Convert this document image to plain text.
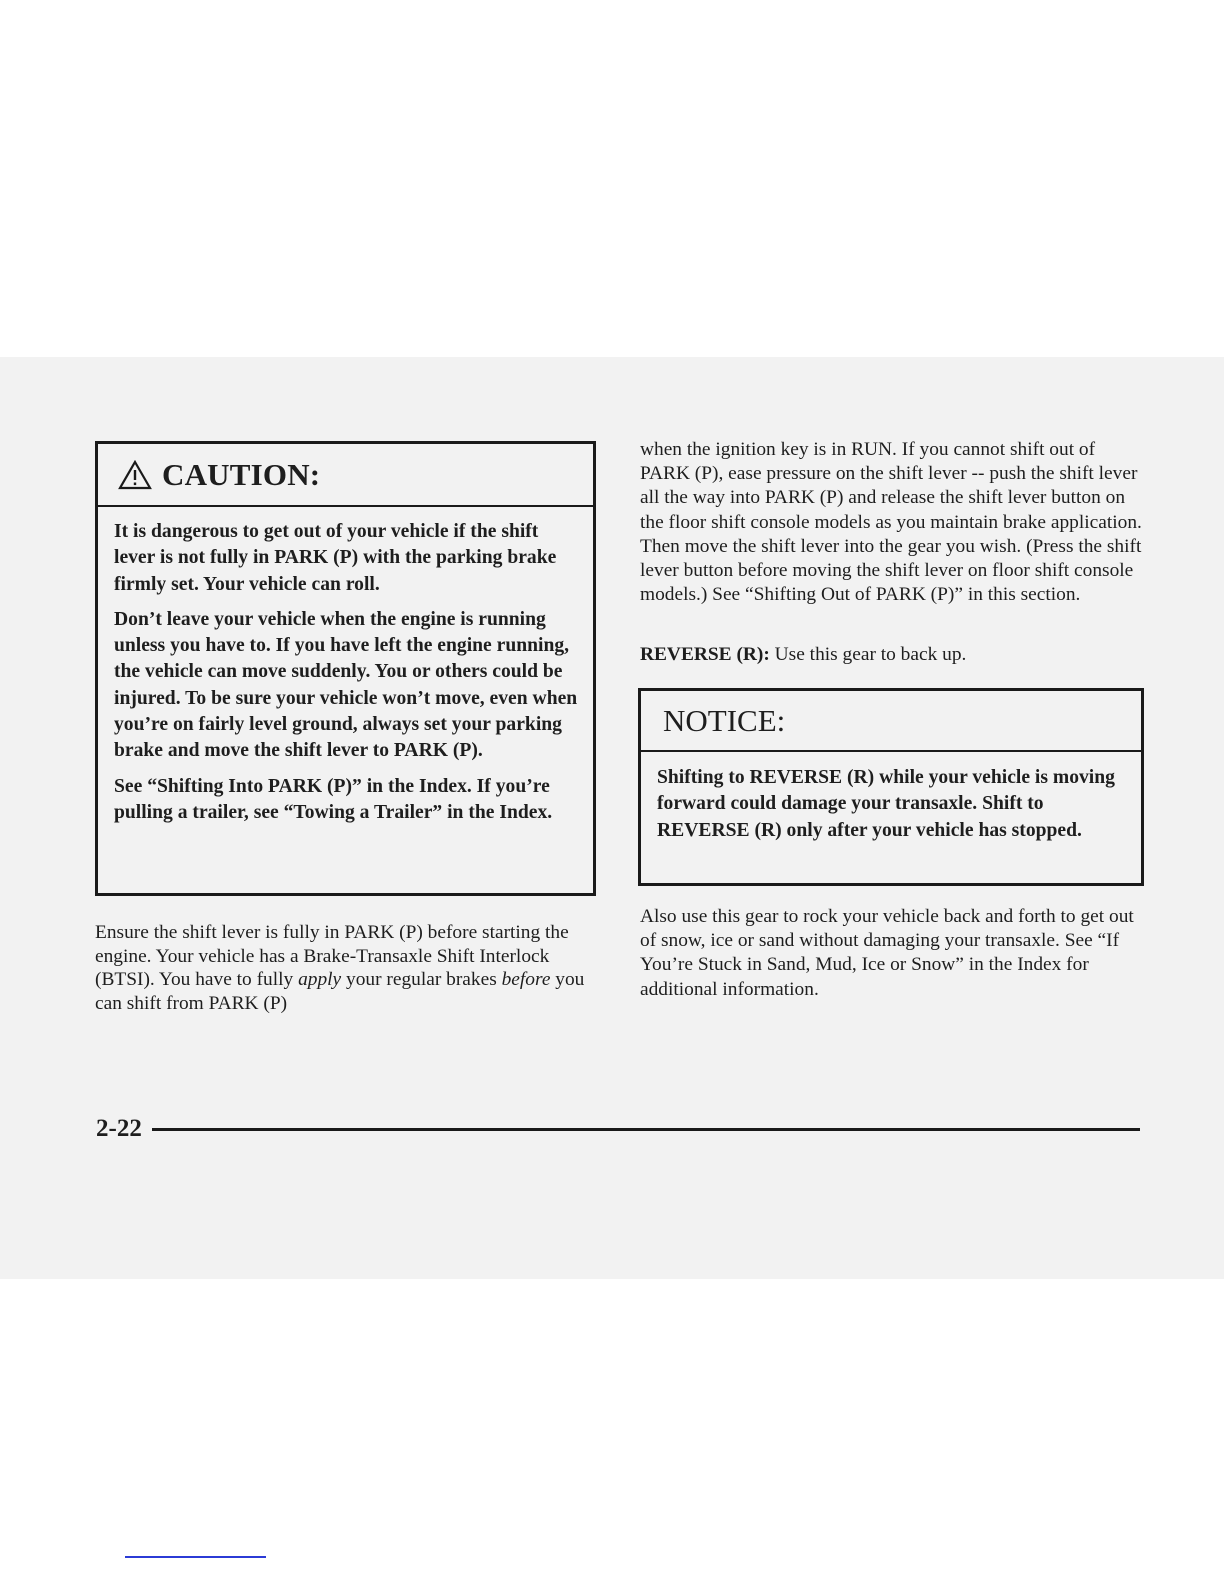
CAUTION:

It is dangerous to get out of your vehicle if the shift lever is not fully in PARK (P) with the parking brake firmly set. Your vehicle can roll.

Don’t leave your vehicle when the engine is running unless you have to. If you have left the engine running, the vehicle can move suddenly. You or others could be injured. To be sure your vehicle won’t move, even when you’re on fairly level ground, always set your parking brake and move the shift lever to PARK (P).

See “Shifting Into PARK (P)” in the Index. If you’re pulling a trailer, see “Towing a Trailer” in the Index.

Ensure the shift lever is fully in PARK (P) before starting the engine. Your vehicle has a Brake-Transaxle Shift Interlock (BTSI). You have to fully apply your regular brakes before you can shift from PARK (P)

when the ignition key is in RUN. If you cannot shift out of PARK (P), ease pressure on the shift lever -- push the shift lever all the way into PARK (P) and release the shift lever button on the floor shift console models as you maintain brake application. Then move the shift lever into the gear you wish. (Press the shift lever button before moving the shift lever on floor shift console models.) See “Shifting Out of PARK (P)” in this section.

REVERSE (R): Use this gear to back up.

NOTICE:

Shifting to REVERSE (R) while your vehicle is moving forward could damage your transaxle. Shift to REVERSE (R) only after your vehicle has stopped.

Also use this gear to rock your vehicle back and forth to get out of snow, ice or sand without damaging your transaxle. See “If You’re Stuck in Sand, Mud, Ice or Snow” in the Index for additional information.

2-22
